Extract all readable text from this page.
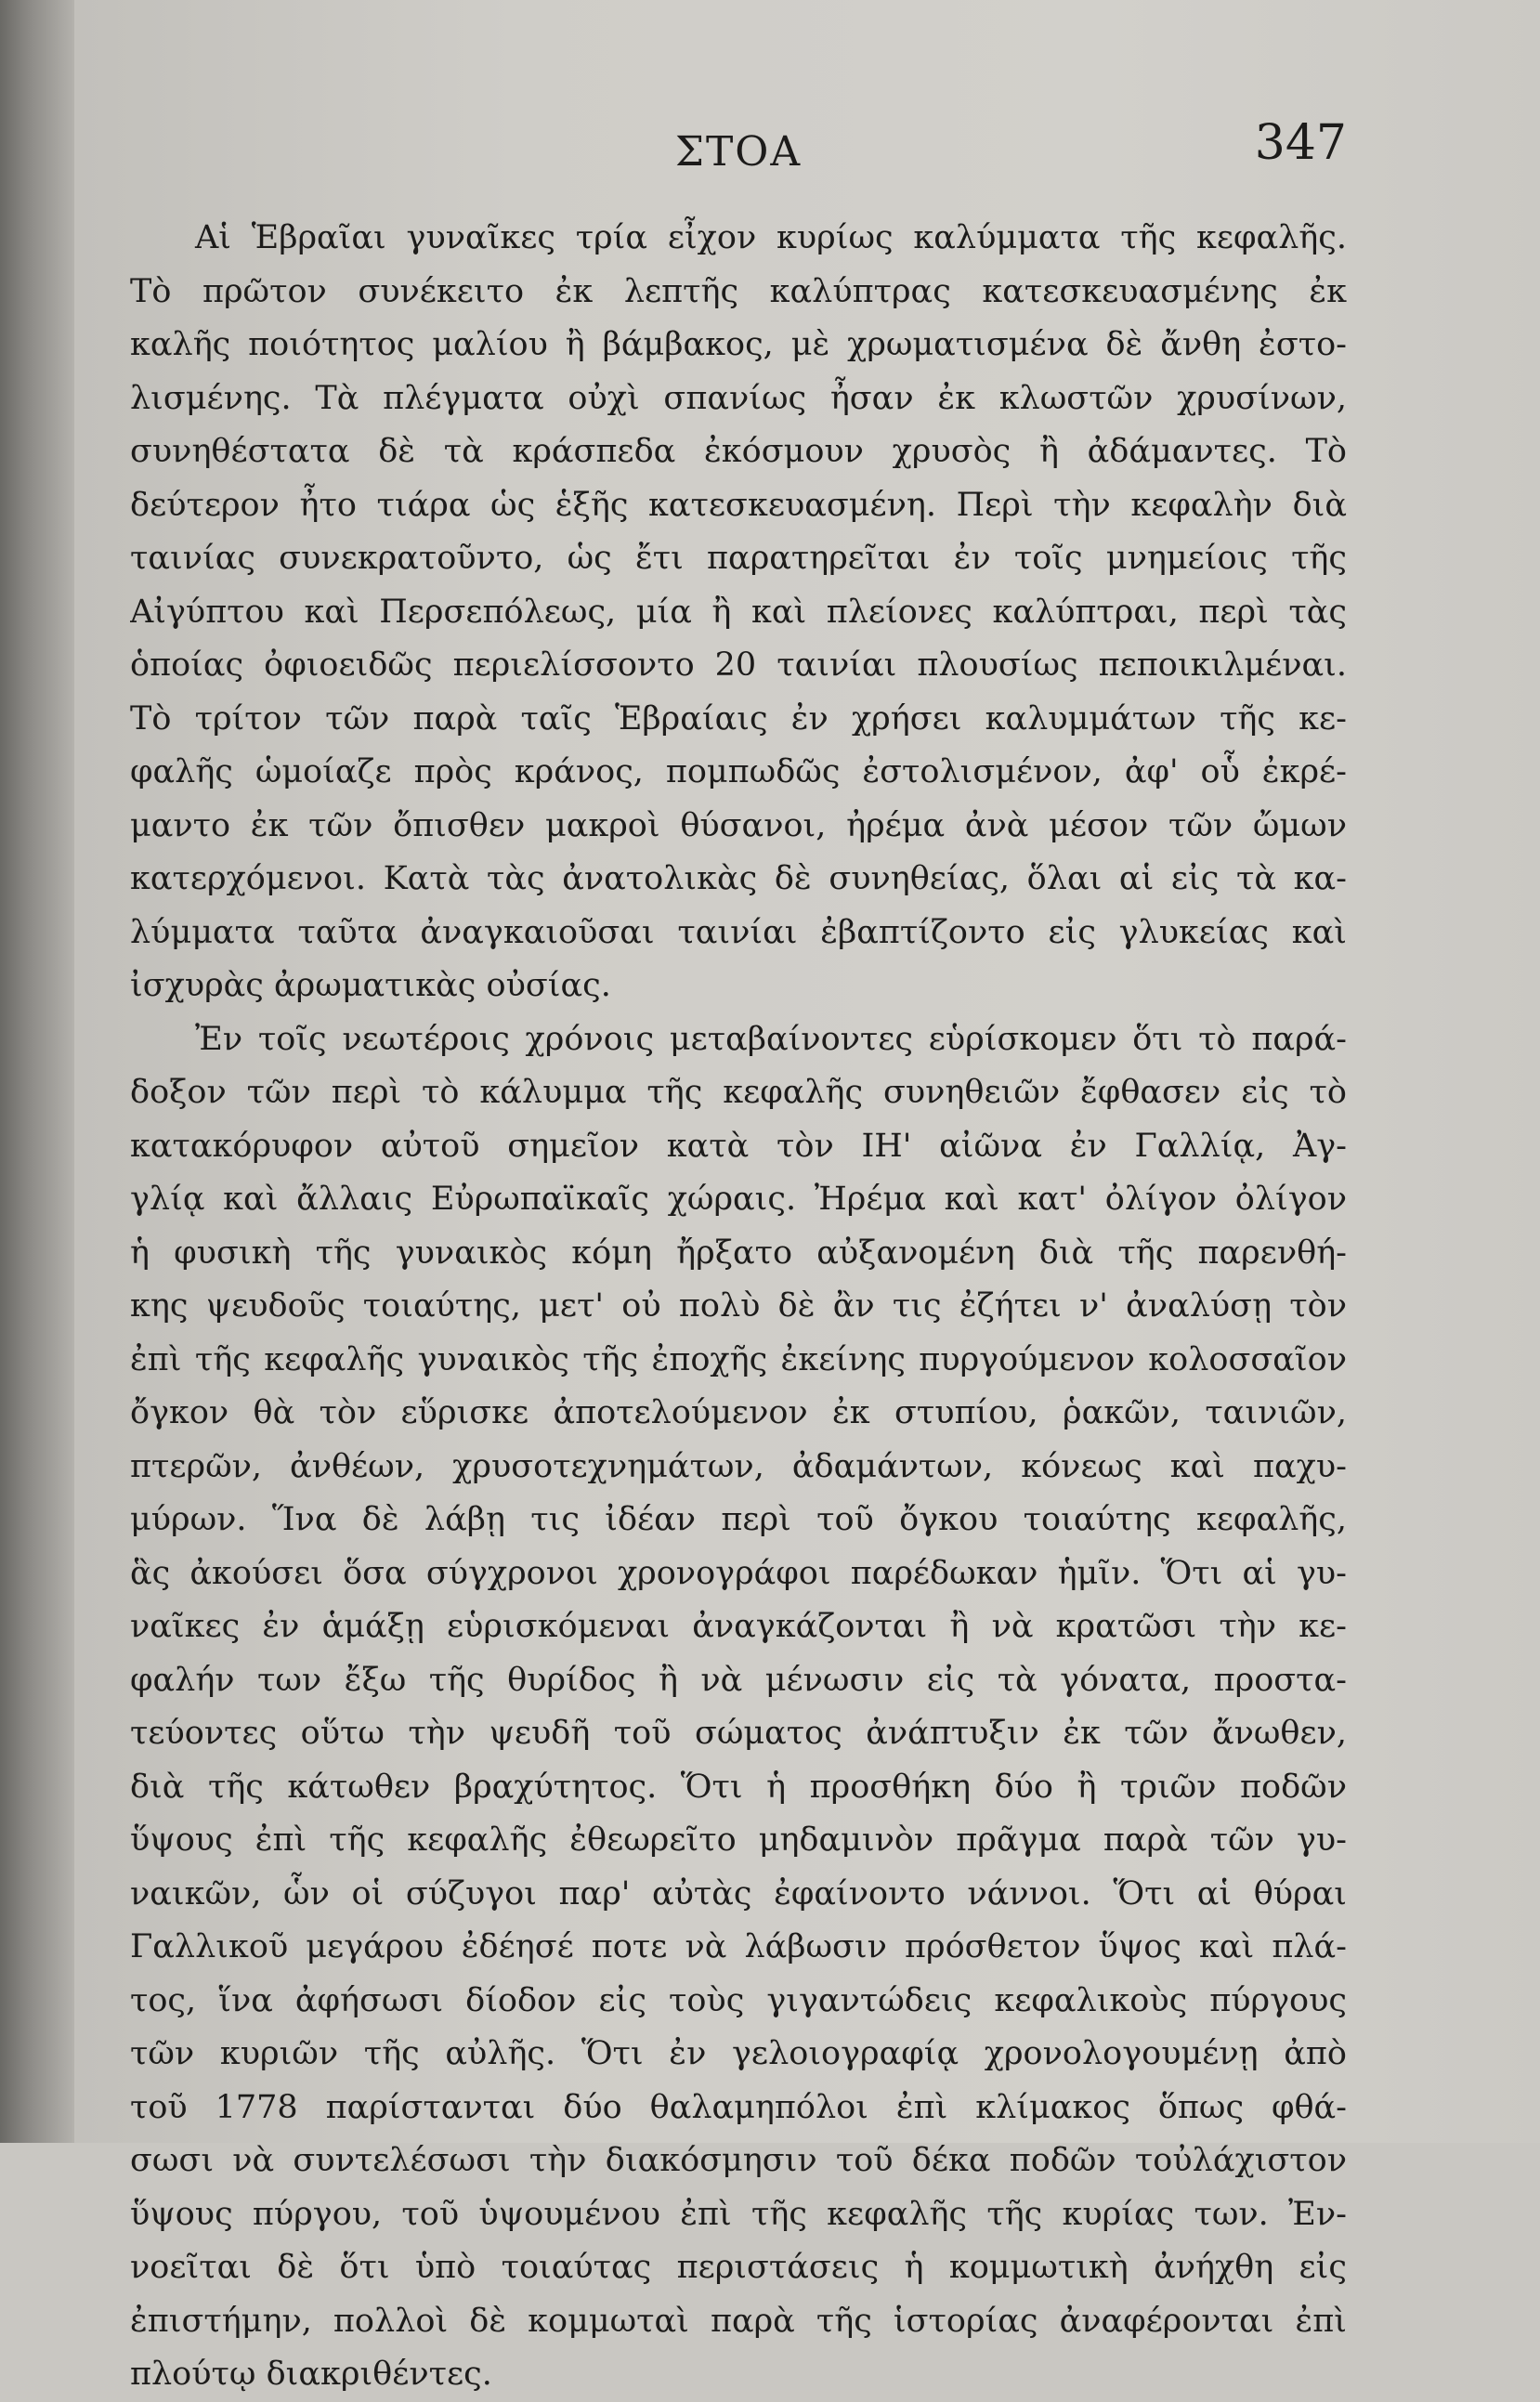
ΣΤΟΑ	347
Αἱ Ἑβραῖαι γυναῖκες τρία εἶχον κυρίως καλύμματα τῆς κεφαλῆς.
Τὸ πρῶτον συνέκειτο ἐκ λεπτῆς καλύπτρας κατεσκευασμένης ἐκ
καλῆς ποιότητος μαλίου ἢ βάμβακος, μὲ χρωματισμένα δὲ ἄνθη ἐστο-
λισμένης. Τὰ πλέγματα οὐχὶ σπανίως ἦσαν ἐκ κλωστῶν χρυσίνων,
συνηθέστατα δὲ τὰ κράσπεδα ἐκόσμουν χρυσὸς ἢ ἀδάμαντες. Τὸ
δεύτερον ἦτο τιάρα ὡς ἑξῆς κατεσκευασμένη. Περὶ τὴν κεφαλὴν διὰ
ταινίας συνεκρατοῦντο, ὡς ἔτι παρατηρεῖται ἐν τοῖς μνημείοις τῆς
Αἰγύπτου καὶ Περσεπόλεως, μία ἢ καὶ πλείονες καλύπτραι, περὶ τὰς
ὁποίας ὀφιοειδῶς περιελίσσοντο 20 ταινίαι πλουσίως πεποικιλμέναι.
Τὸ τρίτον τῶν παρὰ ταῖς Ἑβραίαις ἐν χρήσει καλυμμάτων τῆς κε-
φαλῆς ὡμοίαζε πρὸς κράνος, πομπωδῶς ἐστολισμένον, ἀφ' οὗ ἐκρέ-
μαντο ἐκ τῶν ὄπισθεν μακροὶ θύσανοι, ἠρέμα ἀνὰ μέσον τῶν ὤμων
κατερχόμενοι. Κατὰ τὰς ἀνατολικὰς δὲ συνηθείας, ὅλαι αἱ εἰς τὰ κα-
λύμματα ταῦτα ἀναγκαιοῦσαι ταινίαι ἐβαπτίζοντο εἰς γλυκείας καὶ
ἰσχυρὰς ἀρωματικὰς οὐσίας.
Ἐν τοῖς νεωτέροις χρόνοις μεταβαίνοντες εὑρίσκομεν ὅτι τὸ παρά-
δοξον τῶν περὶ τὸ κάλυμμα τῆς κεφαλῆς συνηθειῶν ἔφθασεν εἰς τὸ
κατακόρυφον αὐτοῦ σημεῖον κατὰ τὸν ΙΗ' αἰῶνα ἐν Γαλλίᾳ, Ἀγ-
γλίᾳ καὶ ἄλλαις Εὐρωπαϊκαῖς χώραις. Ἠρέμα καὶ κατ' ὀλίγον ὀλίγον
ἡ φυσικὴ τῆς γυναικὸς κόμη ἤρξατο αὐξανομένη διὰ τῆς παρενθή-
κης ψευδοῦς τοιαύτης, μετ' οὐ πολὺ δὲ ἂν τις ἐζήτει ν' ἀναλύσῃ τὸν
ἐπὶ τῆς κεφαλῆς γυναικὸς τῆς ἐποχῆς ἐκείνης πυργούμενον κολοσσαῖον
ὄγκον θὰ τὸν εὕρισκε ἀποτελούμενον ἐκ στυπίου, ῥακῶν, ταινιῶν,
πτερῶν, ἀνθέων, χρυσοτεχνημάτων, ἀδαμάντων, κόνεως καὶ παχυ-
μύρων. Ἵνα δὲ λάβῃ τις ἰδέαν περὶ τοῦ ὄγκου τοιαύτης κεφαλῆς,
ἃς ἀκούσει ὅσα σύγχρονοι χρονογράφοι παρέδωκαν ἡμῖν. Ὅτι αἱ γυ-
ναῖκες ἐν ἁμάξῃ εὑρισκόμεναι ἀναγκάζονται ἢ νὰ κρατῶσι τὴν κε-
φαλήν των ἔξω τῆς θυρίδος ἢ νὰ μένωσιν εἰς τὰ γόνατα, προστα-
τεύοντες οὕτω τὴν ψευδῆ τοῦ σώματος ἀνάπτυξιν ἐκ τῶν ἄνωθεν,
διὰ τῆς κάτωθεν βραχύτητος. Ὅτι ἡ προσθήκη δύο ἢ τριῶν ποδῶν
ὕψους ἐπὶ τῆς κεφαλῆς ἐθεωρεῖτο μηδαμινὸν πρᾶγμα παρὰ τῶν γυ-
ναικῶν, ὧν οἱ σύζυγοι παρ' αὐτὰς ἐφαίνοντο νάννοι. Ὅτι αἱ θύραι
Γαλλικοῦ μεγάρου ἐδέησέ ποτε νὰ λάβωσιν πρόσθετον ὕψος καὶ πλά-
τος, ἵνα ἀφήσωσι δίοδον εἰς τοὺς γιγαντώδεις κεφαλικοὺς πύργους
τῶν κυριῶν τῆς αὐλῆς. Ὅτι ἐν γελοιογραφίᾳ χρονολογουμένῃ ἀπὸ
τοῦ 1778 παρίστανται δύο θαλαμηπόλοι ἐπὶ κλίμακος ὅπως φθά-
σωσι νὰ συντελέσωσι τὴν διακόσμησιν τοῦ δέκα ποδῶν τοὐλάχιστον
ὕψους πύργου, τοῦ ὑψουμένου ἐπὶ τῆς κεφαλῆς τῆς κυρίας των. Ἐν-
νοεῖται δὲ ὅτι ὑπὸ τοιαύτας περιστάσεις ἡ κομμωτικὴ ἀνήχθη εἰς
ἐπιστήμην, πολλοὶ δὲ κομμωταὶ παρὰ τῆς ἱστορίας ἀναφέρονται ἐπὶ
πλούτῳ διακριθέντες.
